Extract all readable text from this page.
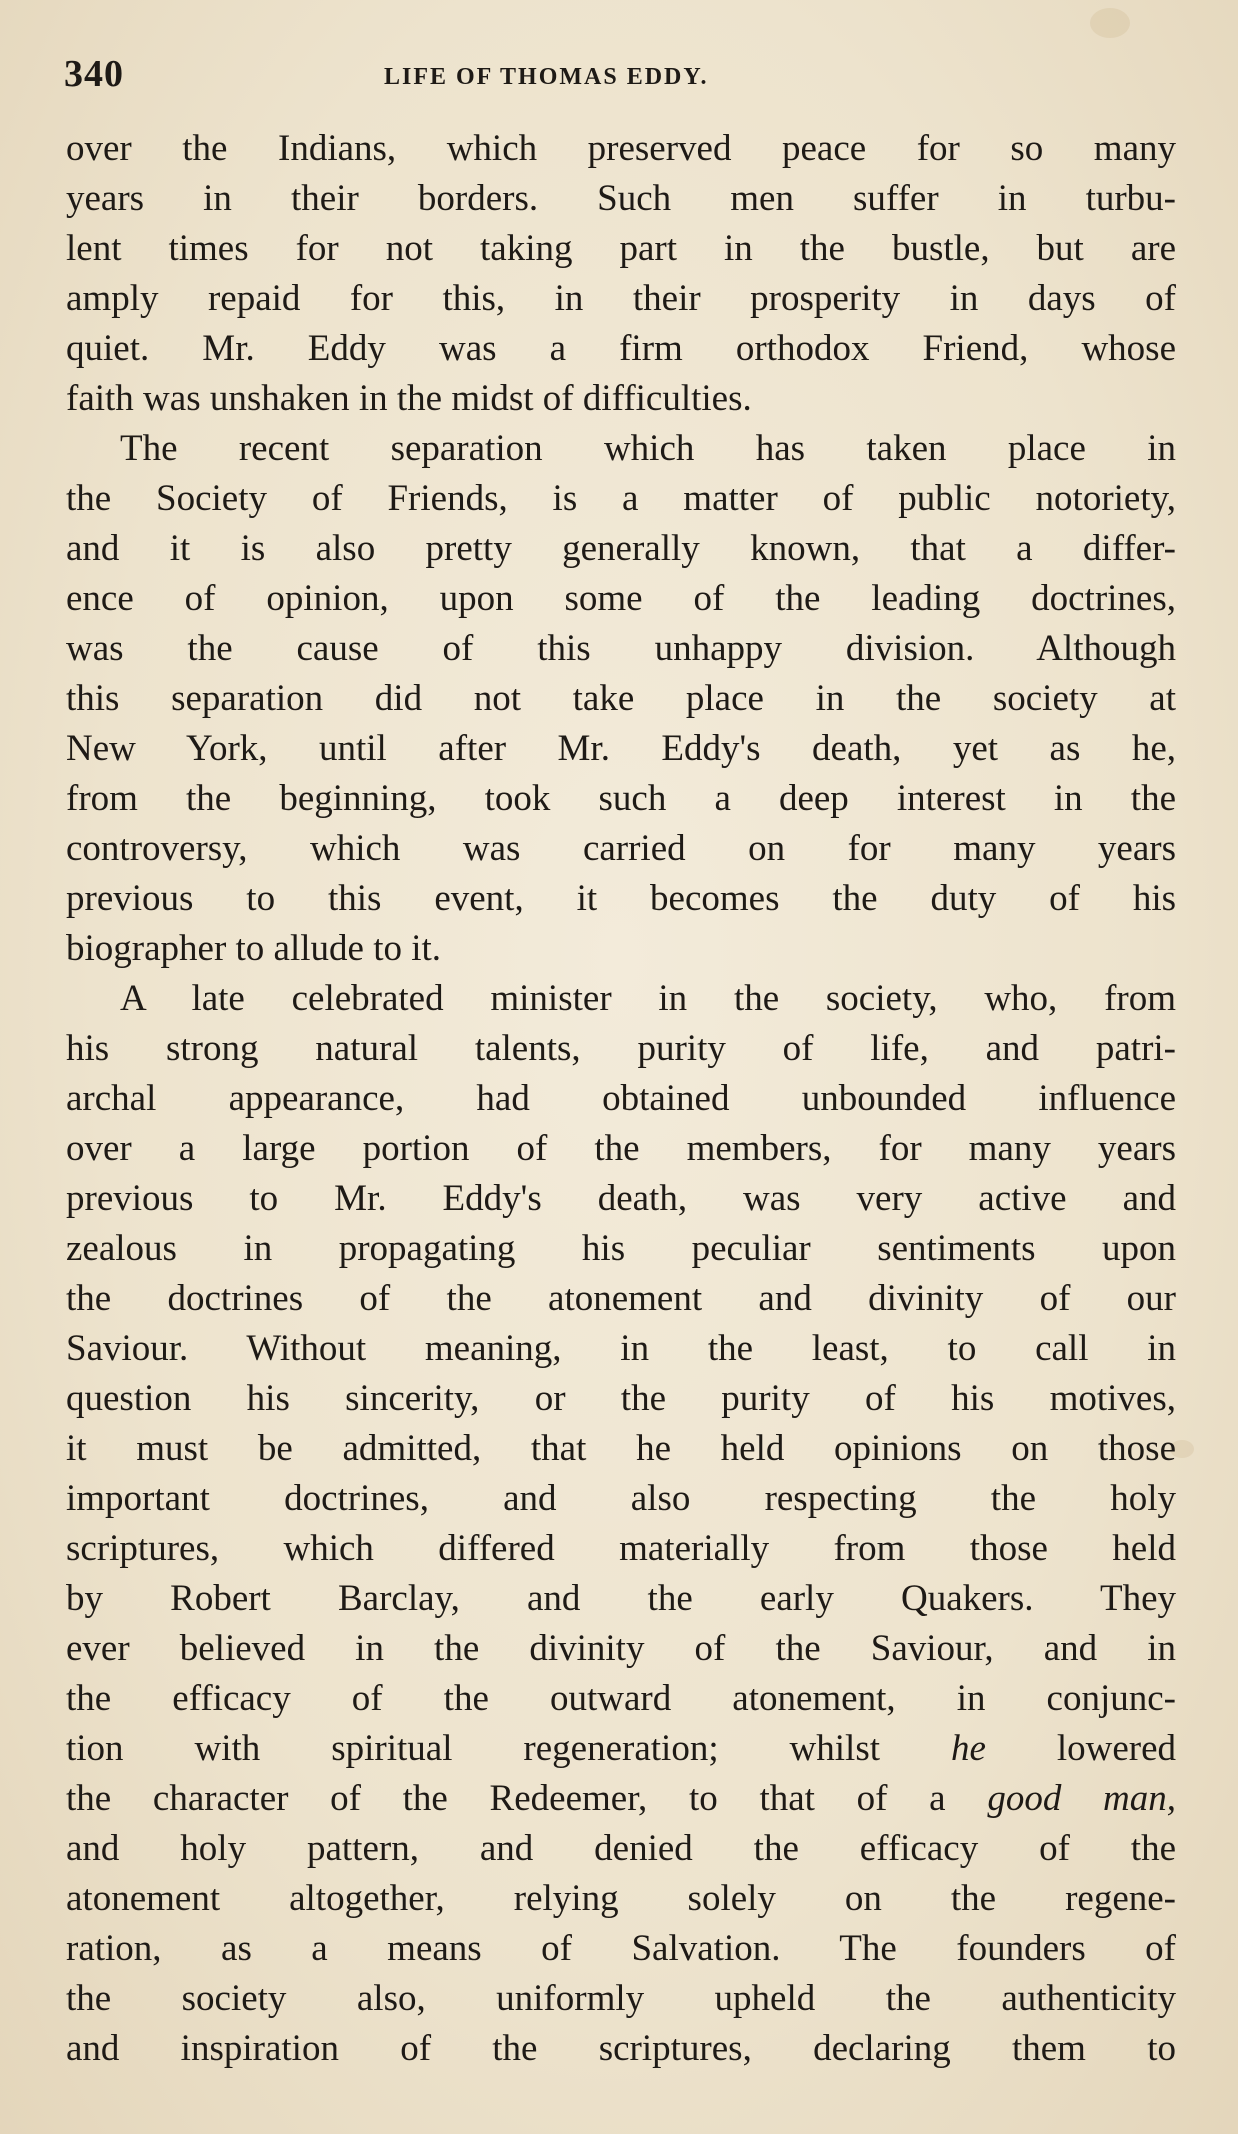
340	LIFE OF THOMAS EDDY.
over the Indians, which preserved peace for so many
years in their borders. Such men suffer in turbu-
lent times for not taking part in the bustle, but are
amply repaid for this, in their prosperity in days of
quiet. Mr. Eddy was a firm orthodox Friend, whose
faith was unshaken in the midst of difficulties.
The recent separation which has taken place in
the Society of Friends, is a matter of public notoriety,
and it is also pretty generally known, that a differ-
ence of opinion, upon some of the leading doctrines,
was the cause of this unhappy division. Although
this separation did not take place in the society at
New York, until after Mr. Eddy's death, yet as he,
from the beginning, took such a deep interest in the
controversy, which was carried on for many years
previous to this event, it becomes the duty of his
biographer to allude to it.
A late celebrated minister in the society, who, from
his strong natural talents, purity of life, and patri-
archal appearance, had obtained unbounded influence
over a large portion of the members, for many years
previous to Mr. Eddy's death, was very active and
zealous in propagating his peculiar sentiments upon
the doctrines of the atonement and divinity of our
Saviour. Without meaning, in the least, to call in
question his sincerity, or the purity of his motives,
it must be admitted, that he held opinions on those
important doctrines, and also respecting the holy
scriptures, which differed materially from those held
by Robert Barclay, and the early Quakers. They
ever believed in the divinity of the Saviour, and in
the efficacy of the outward atonement, in conjunc-
tion with spiritual regeneration; whilst he lowered
the character of the Redeemer, to that of a good man,
and holy pattern, and denied the efficacy of the
atonement altogether, relying solely on the regene-
ration, as a means of Salvation. The founders of
the society also, uniformly upheld the authenticity
and inspiration of the scriptures, declaring them to
